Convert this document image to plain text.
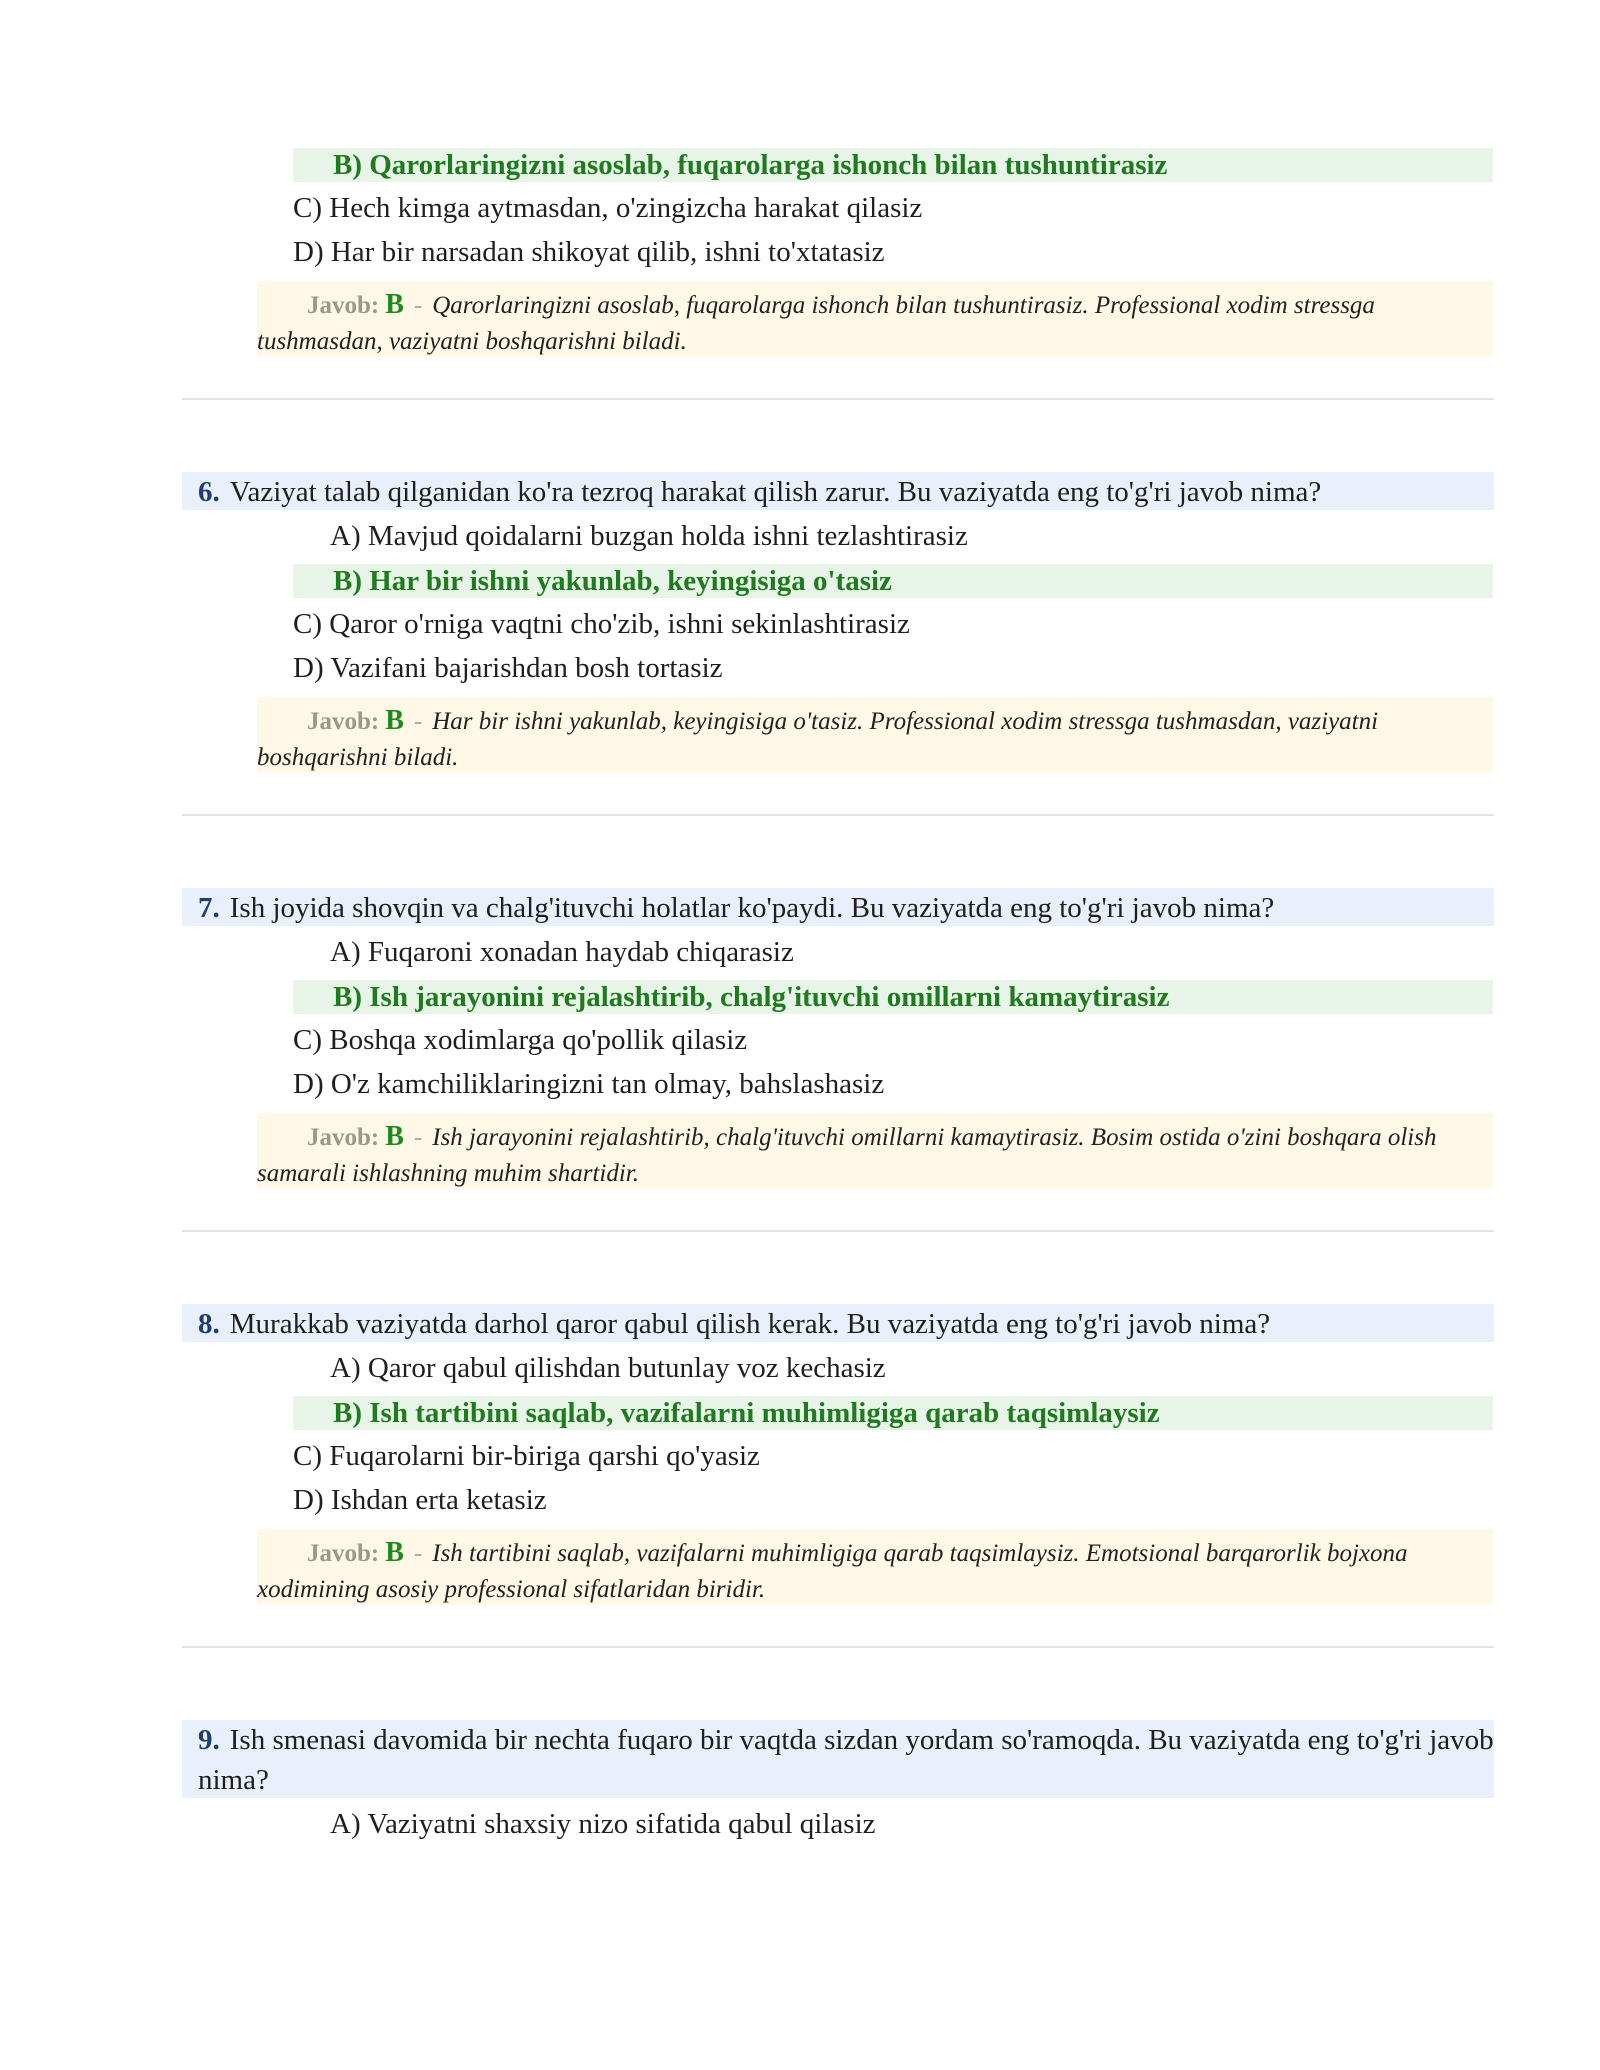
B) Qarorlaringizni asoslab, fuqarolarga ishonch bilan tushuntirasiz
C) Hech kimga aytmasdan, o'zingizcha harakat qilasiz
D) Har bir narsadan shikoyat qilib, ishni to'xtatasiz
Javob: B - Qarorlaringizni asoslab, fuqarolarga ishonch bilan tushuntirasiz. Professional xodim stressga tushmasdan, vaziyatni boshqarishni biladi.
6. Vaziyat talab qilganidan ko'ra tezroq harakat qilish zarur. Bu vaziyatda eng to'g'ri javob nima?
A) Mavjud qoidalarni buzgan holda ishni tezlashtirasiz
B) Har bir ishni yakunlab, keyingisiga o'tasiz
C) Qaror o'rniga vaqtni cho'zib, ishni sekinlashtirasiz
D) Vazifani bajarishdan bosh tortasiz
Javob: B - Har bir ishni yakunlab, keyingisiga o'tasiz. Professional xodim stressga tushmasdan, vaziyatni boshqarishni biladi.
7. Ish joyida shovqin va chalg'ituvchi holatlar ko'paydi. Bu vaziyatda eng to'g'ri javob nima?
A) Fuqaroni xonadan haydab chiqarasiz
B) Ish jarayonini rejalashtirib, chalg'ituvchi omillarni kamaytirasiz
C) Boshqa xodimlarga qo'pollik qilasiz
D) O'z kamchiliklaringizni tan olmay, bahslashasiz
Javob: B - Ish jarayonini rejalashtirib, chalg'ituvchi omillarni kamaytirasiz. Bosim ostida o'zini boshqara olish samarali ishlashning muhim shartidir.
8. Murakkab vaziyatda darhol qaror qabul qilish kerak. Bu vaziyatda eng to'g'ri javob nima?
A) Qaror qabul qilishdan butunlay voz kechasiz
B) Ish tartibini saqlab, vazifalarni muhimligiga qarab taqsimlaysiz
C) Fuqarolarni bir-biriga qarshi qo'yasiz
D) Ishdan erta ketasiz
Javob: B - Ish tartibini saqlab, vazifalarni muhimligiga qarab taqsimlaysiz. Emotsional barqarorlik bojxona xodimining asosiy professional sifatlaridan biridir.
9. Ish smenasi davomida bir nechta fuqaro bir vaqtda sizdan yordam so'ramoqda. Bu vaziyatda eng to'g'ri javob nima?
A) Vaziyatni shaxsiy nizo sifatida qabul qilasiz
